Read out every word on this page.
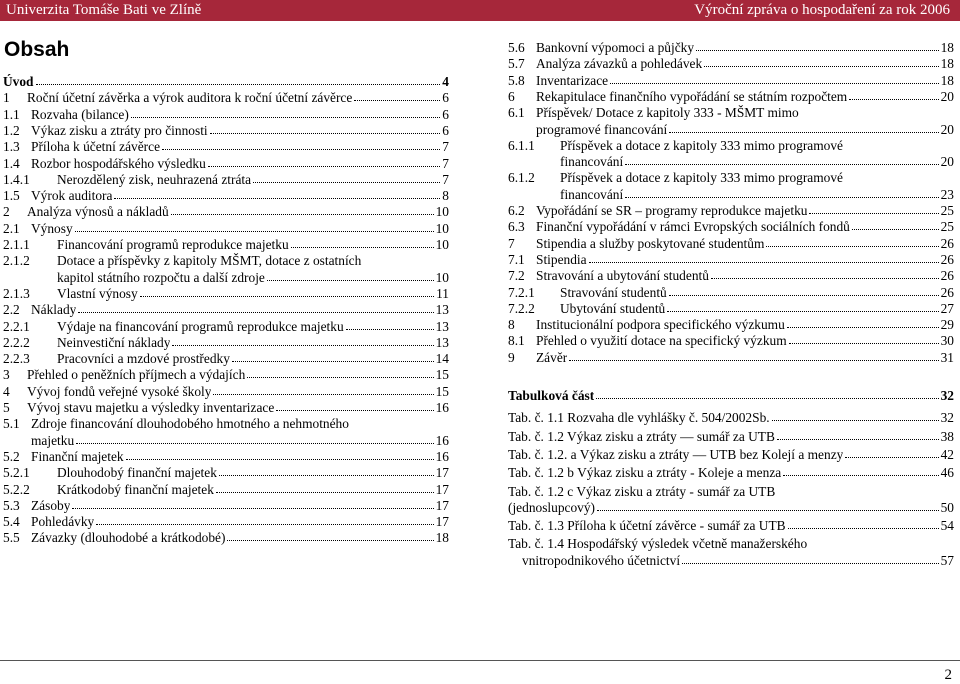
Univerzita Tomáše Bati ve Zlíně	Výroční zpráva o hospodaření za rok 2006
Obsah
Úvod	4
1	Roční účetní závěrka a výrok auditora k roční účetní závěrce	6
1.1 Rozvaha (bilance)	6
1.2 Výkaz zisku a ztráty pro činnosti	6
1.3 Příloha k účetní závěrce	7
1.4 Rozbor hospodářského výsledku	7
1.4.1	Nerozdělený zisk, neuhrazená ztráta	7
1.5 Výrok auditora	8
2	Analýza výnosů a nákladů	10
2.1 Výnosy	10
2.1.1	Financování programů reprodukce majetku	10
2.1.2 Dotace a příspěvky z kapitoly MŠMT, dotace z ostatních
kapitol státního rozpočtu a další zdroje	10
2.1.3	Vlastní výnosy	11
2.2 Náklady	13
2.2.1	Výdaje na financování programů reprodukce majetku	13
2.2.2	Neinvestiční náklady	13
2.2.3	Pracovníci a mzdové prostředky	14
3	Přehled o peněžních příjmech a výdajích	15
4	Vývoj fondů veřejné vysoké školy	15
5	Vývoj stavu majetku a výsledky inventarizace	16
5.1 Zdroje financování dlouhodobého hmotného a nehmotného
majetku	16
5.2 Finanční majetek	16
5.2.1	Dlouhodobý finanční majetek	17
5.2.2	Krátkodobý finanční majetek	17
5.3 Zásoby	17
5.4 Pohledávky	17
5.5 Závazky (dlouhodobé a krátkodobé)	18
5.6 Bankovní výpomoci a půjčky	18
5.7 Analýza závazků a pohledávek	18
5.8 Inventarizace	18
6	Rekapitulace finančního vypořádání se státním rozpočtem	20
6.1 Příspěvek/ Dotace z kapitoly 333 - MŠMT mimo
programové financování	20
6.1.1 Příspěvek a dotace z kapitoly 333 mimo programové
financování	20
6.1.2 Příspěvek a dotace z kapitoly 333 mimo programové
financování	23
6.2 Vypořádání se SR – programy reprodukce majetku	25
6.3 Finanční vypořádání v rámci Evropských sociálních fondů	25
7	Stipendia a služby poskytované studentům	26
7.1 Stipendia	26
7.2 Stravování a ubytování studentů	26
7.2.1	Stravování studentů	26
7.2.2	Ubytování studentů	27
8	Institucionální podpora specifického výzkumu	29
8.1 Přehled o využití dotace na specifický výzkum	30
9	Závěr	31
Tabulková část	32
Tab. č. 1.1 Rozvaha dle vyhlášky č. 504/2002Sb.	32
Tab. č. 1.2 Výkaz zisku a ztráty — sumář za UTB	38
Tab. č. 1.2. a Výkaz zisku a ztráty — UTB bez Kolejí a menzy	42
Tab. č. 1.2 b Výkaz zisku a ztráty - Koleje a menza	46
Tab. č. 1.2 c Výkaz zisku a ztráty - sumář za UTB
(jednoslupcový)	50
Tab. č. 1.3 Příloha k účetní závěrce - sumář za UTB	54
Tab. č. 1.4 Hospodářský výsledek včetně manažerského
vnitropodnikového účetnictví	57
2
